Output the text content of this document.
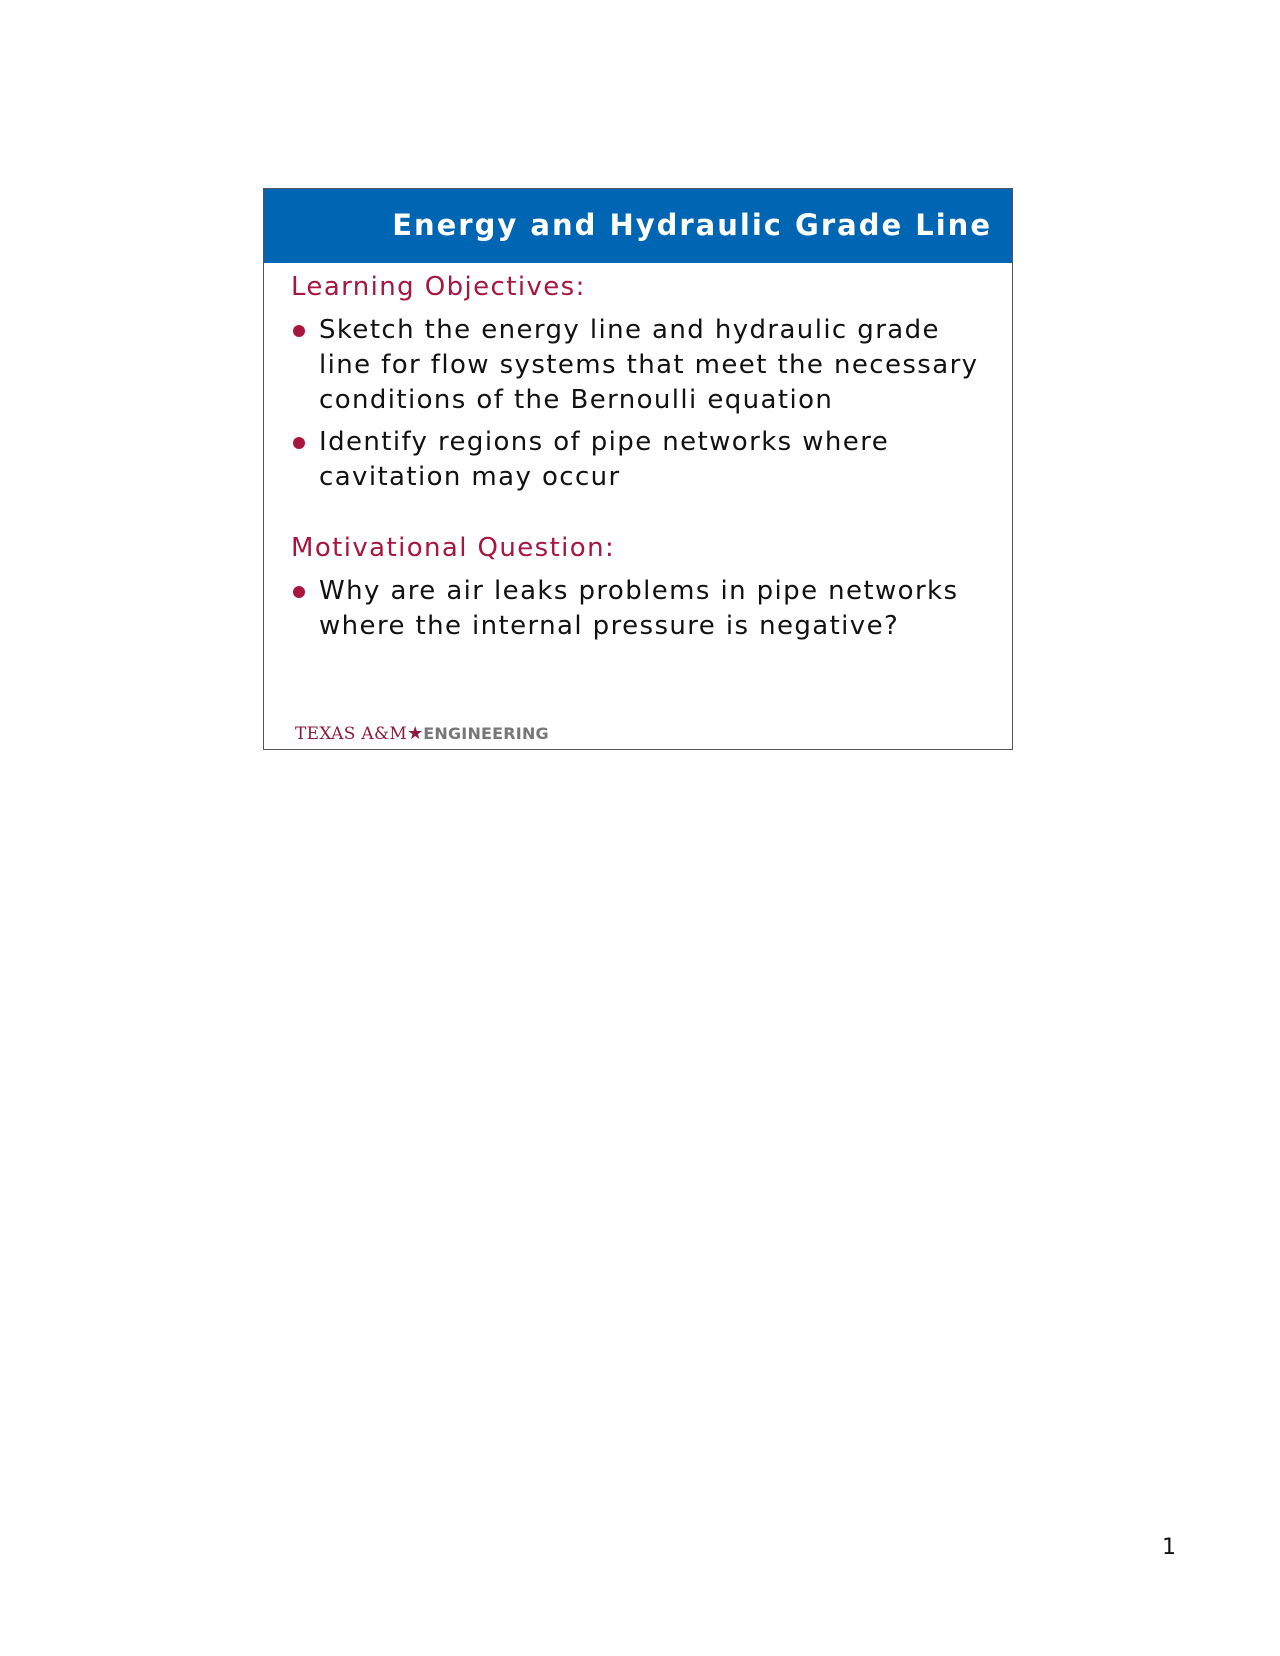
Energy and Hydraulic Grade Line
Learning Objectives:
Sketch the energy line and hydraulic grade line for flow systems that meet the necessary conditions of the Bernoulli equation
Identify regions of pipe networks where cavitation may occur
Motivational Question:
Why are air leaks problems in pipe networks where the internal pressure is negative?
TEXAS A&M★ENGINEERING
1
